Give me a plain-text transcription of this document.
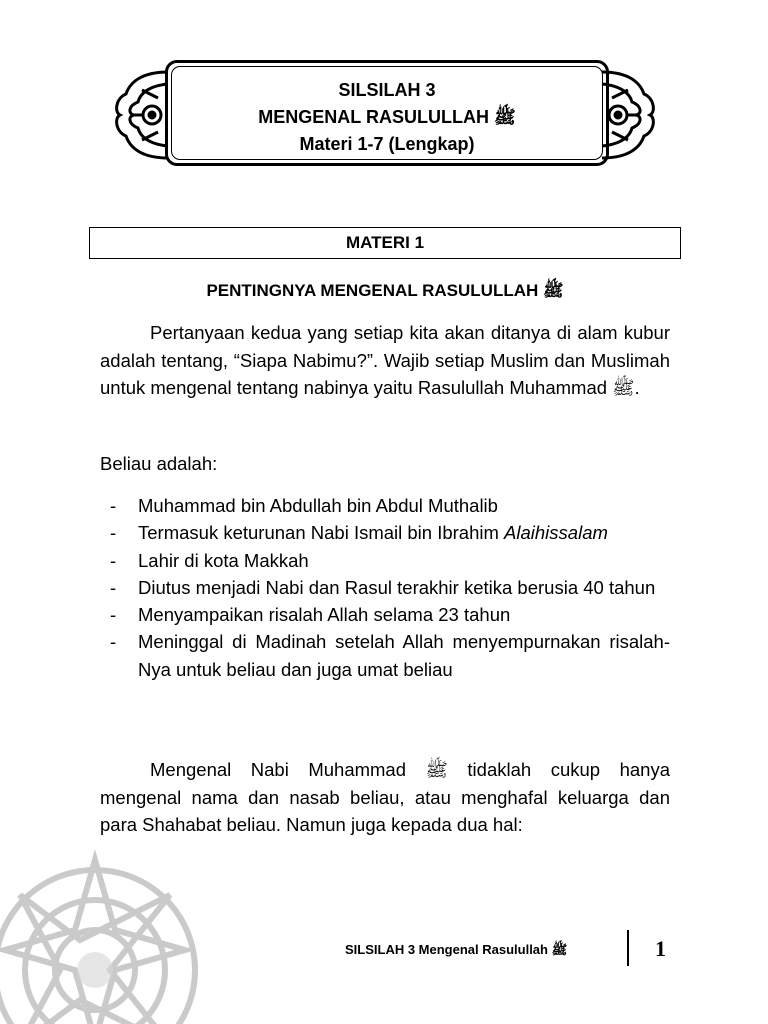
SILSILAH 3
MENGENAL RASULULLAH ﷺ
Materi 1-7 (Lengkap)
MATERI 1
PENTINGNYA MENGENAL RASULULLAH ﷺ

Pertanyaan kedua yang setiap kita akan ditanya di alam kubur adalah tentang, “Siapa Nabimu?”. Wajib setiap Muslim dan Muslimah untuk mengenal tentang nabinya yaitu Rasulullah Muhammad ﷺ.

Beliau adalah:

- Muhammad bin Abdullah bin Abdul Muthalib
- Termasuk keturunan Nabi Ismail bin Ibrahim Alaihissalam
- Lahir di kota Makkah
- Diutus menjadi Nabi dan Rasul terakhir ketika berusia 40 tahun
- Menyampaikan risalah Allah selama 23 tahun
- Meninggal di Madinah setelah Allah menyempurnakan risalah-Nya untuk beliau dan juga umat beliau

Mengenal Nabi Muhammad ﷺ tidaklah cukup hanya mengenal nama dan nasab beliau, atau menghafal keluarga dan para Shahabat beliau. Namun juga kepada dua hal:

SILSILAH 3 Mengenal Rasulullah ﷺ	1
